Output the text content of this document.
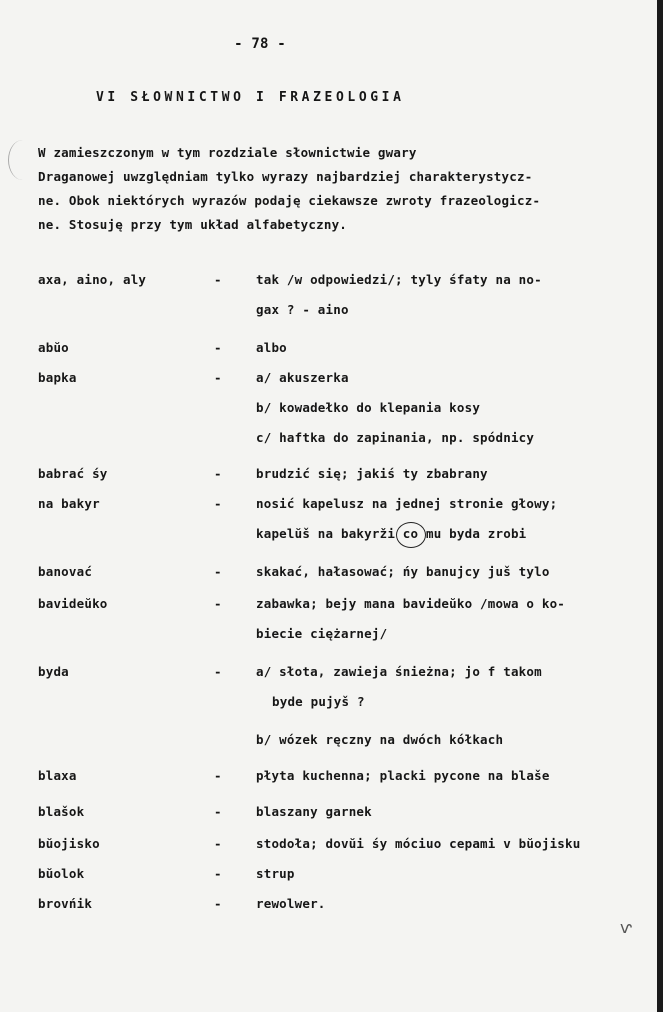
- 78 -
VI SŁOWNICTWO I FRAZEOLOGIA
W zamieszczonym w tym rozdziale słownictwie gwary
Draganowej uwzględniam tylko wyrazy najbardziej charakterystycz-
ne. Obok niektórych wyrazów podaję ciekawsze zwroty frazeologicz-
ne. Stosuję przy tym układ alfabetyczny.
axa, aino, aly	-	tak /w odpowiedzi/; tyly śfaty na no-
gax ? - aino
abŭo	-	albo
bapka	-	a/ akuszerka
b/ kowadełko do klepania kosy
c/ haftka do zapinania, np. spódnicy
babrać śy	-	brudzić się; jakiś ty zbabrany
na bakyr	-	nosić kapelusz na jednej stronie głowy;
kapelŭš na bakyrži co mu byda zrobi
banovać	-	skakać, hałasować; ńy banujcy juš tylo
bavideŭko	-	zabawka; bejy mana bavideŭko /mowa o ko-
biecie ciężarnej/
byda	-	a/ słota, zawieja śnieżna; jo f takom
byde pujyš ?
b/ wózek ręczny na dwóch kółkach
blaxa	-	płyta kuchenna; placki pycone na blaše
blašok	-	blaszany garnek
bŭojisko	-	stodoła; dovŭi śy móciuo cepami v bŭojisku
bŭolok	-	strup
brovńik	-	rewolwer.
ⱱ
